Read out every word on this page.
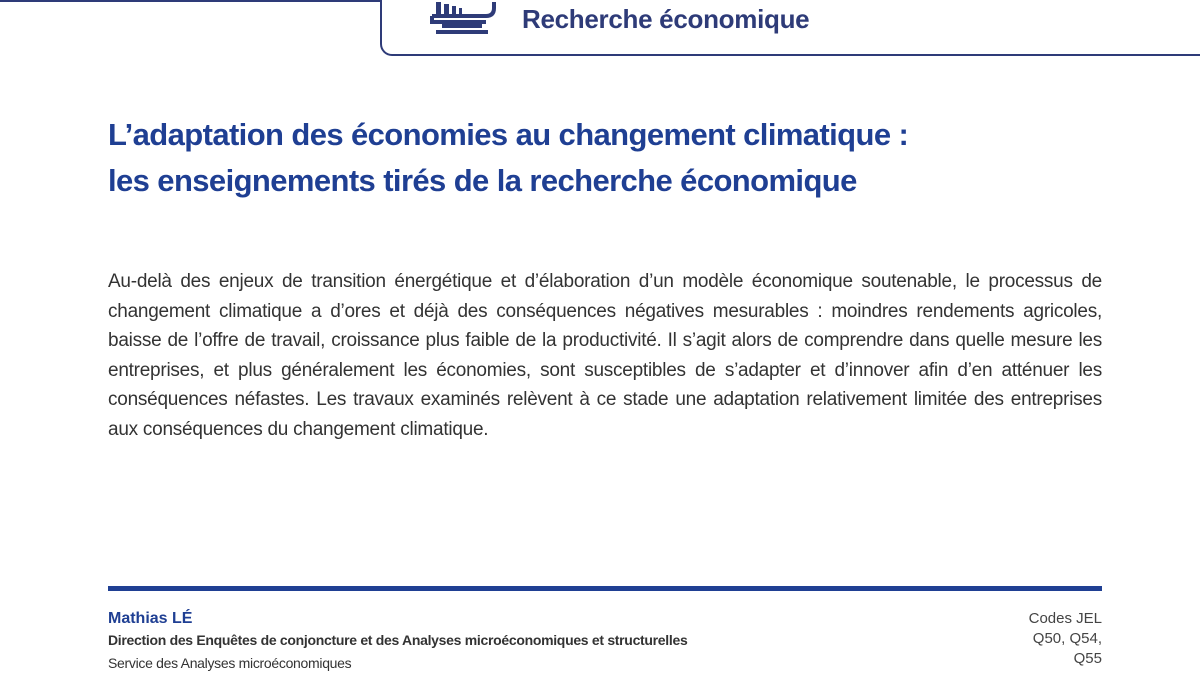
Recherche économique
L’adaptation des économies au changement climatique :
les enseignements tirés de la recherche économique

Au-delà des enjeux de transition énergétique et d’élaboration d’un modèle économique soutenable, le processus de changement climatique a d’ores et déjà des conséquences négatives mesurables : moindres rendements agricoles, baisse de l’offre de travail, croissance plus faible de la productivité. Il s’agit alors de comprendre dans quelle mesure les entreprises, et plus généralement les économies, sont susceptibles de s’adapter et d’innover afin d’en atténuer les conséquences néfastes. Les travaux examinés relèvent à ce stade une adaptation relativement limitée des entreprises aux conséquences du changement climatique.

Mathias LÉ
Direction des Enquêtes de conjoncture et des Analyses microéconomiques et structurelles
Service des Analyses microéconomiques
Codes JEL
Q50, Q54,
Q55
